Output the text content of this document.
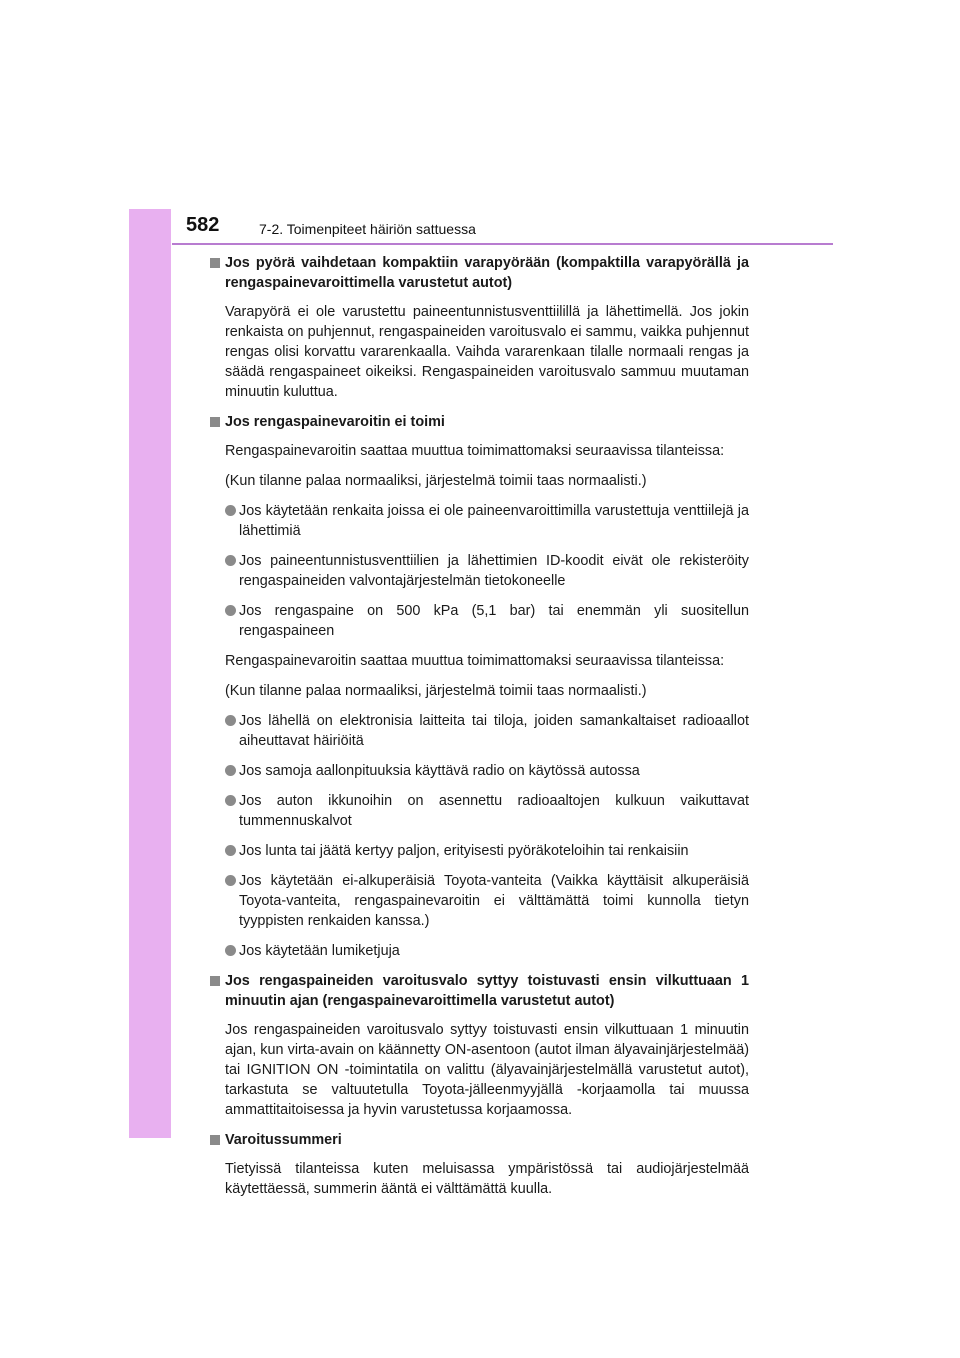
582	7-2. Toimenpiteet häiriön sattuessa
Jos pyörä vaihdetaan kompaktiin varapyörään (kompaktilla varapyörällä ja rengaspainevaroittimella varustetut autot)
Varapyörä ei ole varustettu paineentunnistusventtiilillä ja lähettimellä. Jos jokin renkaista on puhjennut, rengaspaineiden varoitusvalo ei sammu, vaikka puhjennut rengas olisi korvattu vararenkaalla. Vaihda vararenkaan tilalle normaali rengas ja säädä rengaspaineet oikeiksi. Rengaspaineiden varoitusvalo sammuu muutaman minuutin kuluttua.
Jos rengaspainevaroitin ei toimi
Rengaspainevaroitin saattaa muuttua toimimattomaksi seuraavissa tilanteissa:
(Kun tilanne palaa normaaliksi, järjestelmä toimii taas normaalisti.)
Jos käytetään renkaita joissa ei ole paineenvaroittimilla varustettuja venttiilejä ja lähettimiä
Jos paineentunnistusventtiilien ja lähettimien ID-koodit eivät ole rekisteröity rengaspaineiden valvontajärjestelmän tietokoneelle
Jos rengaspaine on 500 kPa (5,1 bar) tai enemmän yli suositellun rengaspaineen
Rengaspainevaroitin saattaa muuttua toimimattomaksi seuraavissa tilanteissa:
(Kun tilanne palaa normaaliksi, järjestelmä toimii taas normaalisti.)
Jos lähellä on elektronisia laitteita tai tiloja, joiden samankaltaiset radioaallot aiheuttavat häiriöitä
Jos samoja aallonpituuksia käyttävä radio on käytössä autossa
Jos auton ikkunoihin on asennettu radioaaltojen kulkuun vaikuttavat tummennuskalvot
Jos lunta tai jäätä kertyy paljon, erityisesti pyöräkoteloihin tai renkaisiin
Jos käytetään ei-alkuperäisiä Toyota-vanteita (Vaikka käyttäisit alkuperäisiä Toyota-vanteita, rengaspainevaroitin ei välttämättä toimi kunnolla tietyn tyyppisten renkaiden kanssa.)
Jos käytetään lumiketjuja
Jos rengaspaineiden varoitusvalo syttyy toistuvasti ensin vilkuttuaan 1 minuutin ajan (rengaspainevaroittimella varustetut autot)
Jos rengaspaineiden varoitusvalo syttyy toistuvasti ensin vilkuttuaan 1 minuutin ajan, kun virta-avain on käännetty ON-asentoon (autot ilman älyavainjärjestelmää) tai IGNITION ON -toimintatila on valittu (älyavainjärjestelmällä varustetut autot), tarkastuta se valtuutetulla Toyota-jälleenmyyjällä -korjaamolla tai muussa ammattitaitoisessa ja hyvin varustetussa korjaamossa.
Varoitussummeri
Tietyissä tilanteissa kuten meluisassa ympäristössä tai audiojärjestelmää käytettäessä, summerin ääntä ei välttämättä kuulla.
